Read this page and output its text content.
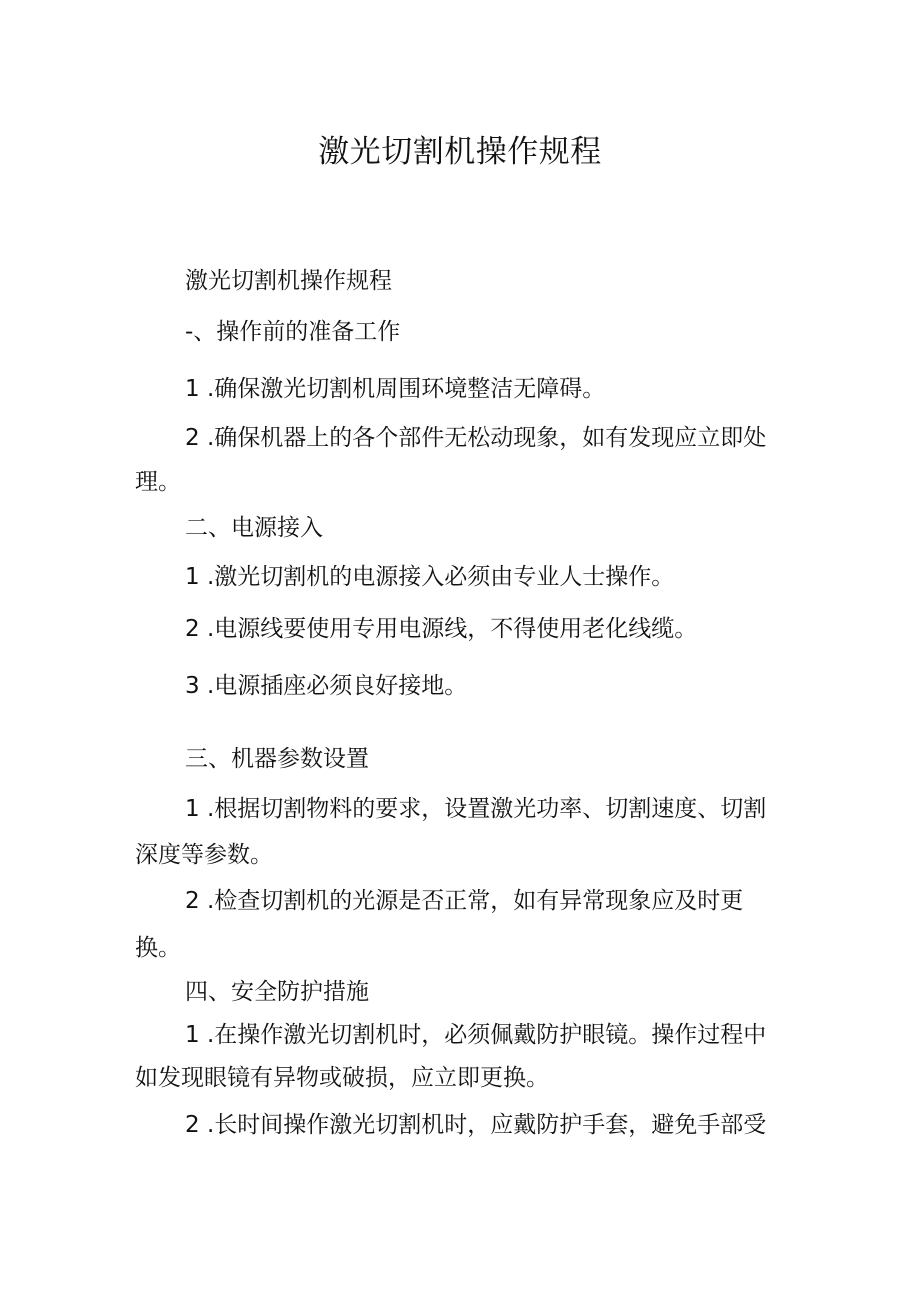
激光切割机操作规程
激光切割机操作规程
-、操作前的准备工作
1 .确保激光切割机周围环境整洁无障碍。
2 .确保机器上的各个部件无松动现象，如有发现应立即处
理。
二、电源接入
1 .激光切割机的电源接入必须由专业人士操作。
2 .电源线要使用专用电源线，不得使用老化线缆。
3 .电源插座必须良好接地。
三、机器参数设置
1 .根据切割物料的要求，设置激光功率、切割速度、切割
深度等参数。
2 .检查切割机的光源是否正常，如有异常现象应及时更
换。
四、安全防护措施
1 .在操作激光切割机时，必须佩戴防护眼镜。操作过程中
如发现眼镜有异物或破损，应立即更换。
2 .长时间操作激光切割机时，应戴防护手套，避免手部受
